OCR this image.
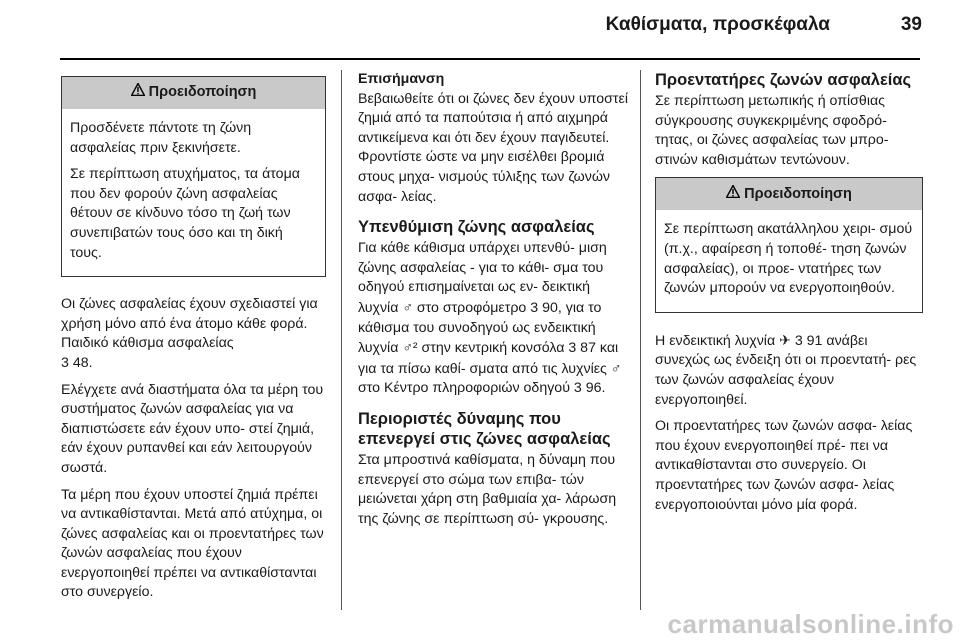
Καθίσματα, προσκέφαλα	39
Προειδοποίηση

Προσδένετε πάντοτε τη ζώνη ασφαλείας πριν ξεκινήσετε.

Σε περίπτωση ατυχήματος, τα άτομα που δεν φορούν ζώνη ασφαλείας θέτουν σε κίνδυνο τόσο τη ζωή των συνεπιβατών τους όσο και τη δική τους.

Οι ζώνες ασφαλείας έχουν σχεδιαστεί για χρήση μόνο από ένα άτομο κάθε φορά. Παιδικό κάθισμα ασφαλείας
3 48.

Ελέγχετε ανά διαστήματα όλα τα μέρη του συστήματος ζωνών ασφαλείας για να διαπιστώσετε εάν έχουν υπο- στεί ζημιά, εάν έχουν ρυπανθεί και εάν λειτουργούν σωστά.

Τα μέρη που έχουν υποστεί ζημιά πρέπει να αντικαθίστανται. Μετά από ατύχημα, οι ζώνες ασφαλείας και οι προεντατήρες των ζωνών ασφαλείας που έχουν ενεργοποιηθεί πρέπει να αντικαθίστανται στο συνεργείο.

Επισήμανση

Βεβαιωθείτε ότι οι ζώνες δεν έχουν υποστεί ζημιά από τα παπούτσια ή από αιχμηρά αντικείμενα και ότι δεν έχουν παγιδευτεί. Φροντίστε ώστε να μην εισέλθει βρομιά στους μηχα- νισμούς τύλιξης των ζωνών ασφα- λείας.

Υπενθύμιση ζώνης ασφαλείας

Για κάθε κάθισμα υπάρχει υπενθύ- μιση ζώνης ασφαλείας - για το κάθι- σμα του οδηγού επισημαίνεται ως εν- δεικτική λυχνία ♂ στο στροφόμετρο 3 90, για το κάθισμα του συνοδηγού ως ενδεικτική λυχνία ♂² στην κεντρική κονσόλα 3 87 και για τα πίσω καθί- σματα από τις λυχνίες ♂ στο Κέντρο πληροφοριών οδηγού 3 96.

Περιοριστές δύναμης που επενεργεί στις ζώνες ασφαλείας

Στα μπροστινά καθίσματα, η δύναμη που επενεργεί στο σώμα των επιβα- τών μειώνεται χάρη στη βαθμιαία χα- λάρωση της ζώνης σε περίπτωση σύ- γκρουσης.

Προεντατήρες ζωνών ασφαλείας

Σε περίπτωση μετωπικής ή οπίσθιας σύγκρουσης συγκεκριμένης σφοδρό- τητας, οι ζώνες ασφαλείας των μπρο- στινών καθισμάτων τεντώνουν.

Προειδοποίηση

Σε περίπτωση ακατάλληλου χειρι- σμού (π.χ., αφαίρεση ή τοποθέ- τηση ζωνών ασφαλείας), οι προε- ντατήρες των ζωνών μπορούν να ενεργοποιηθούν.

Η ενδεικτική λυχνία ✈ 3 91 ανάβει συνεχώς ως ένδειξη ότι οι προεντατή- ρες των ζωνών ασφαλείας έχουν ενεργοποιηθεί.

Οι προεντατήρες των ζωνών ασφα- λείας που έχουν ενεργοποιηθεί πρέ- πει να αντικαθίστανται στο συνεργείο. Οι προεντατήρες των ζωνών ασφα- λείας ενεργοποιούνται μόνο μία φορά.

carmanualsonline.info
